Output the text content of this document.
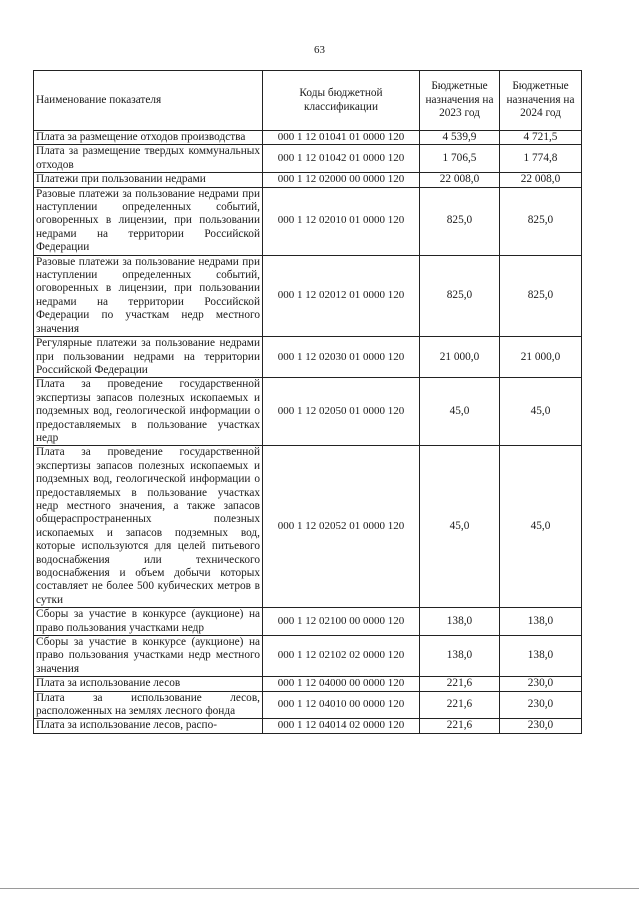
63
Наименование показателя	Коды бюджетной классификации	Бюджетные назначения на 2023 год	Бюджетные назначения на 2024 год
Плата за размещение отходов производства	000 1 12 01041 01 0000 120	4 539,9	4 721,5
Плата за размещение твердых коммунальных отходов	000 1 12 01042 01 0000 120	1 706,5	1 774,8
Платежи при пользовании недрами	000 1 12 02000 00 0000 120	22 008,0	22 008,0
Разовые платежи за пользование недрами при наступлении определенных событий, оговоренных в лицензии, при пользовании недрами на территории Российской Федерации	000 1 12 02010 01 0000 120	825,0	825,0
Разовые платежи за пользование недрами при наступлении определенных событий, оговоренных в лицензии, при пользовании недрами на территории Российской Федерации по участкам недр местного значения	000 1 12 02012 01 0000 120	825,0	825,0
Регулярные платежи за пользование недрами при пользовании недрами на территории Российской Федерации	000 1 12 02030 01 0000 120	21 000,0	21 000,0
Плата за проведение государственной экспертизы запасов полезных ископаемых и подземных вод, геологической информации о предоставляемых в пользование участках недр	000 1 12 02050 01 0000 120	45,0	45,0
Плата за проведение государственной экспертизы запасов полезных ископаемых и подземных вод, геологической информации о предоставляемых в пользование участках недр местного значения, а также запасов общераспространенных полезных ископаемых и запасов подземных вод, которые используются для целей питьевого водоснабжения или технического водоснабжения и объем добычи которых составляет не более 500 кубических метров в сутки	000 1 12 02052 01 0000 120	45,0	45,0
Сборы за участие в конкурсе (аукционе) на право пользования участками недр	000 1 12 02100 00 0000 120	138,0	138,0
Сборы за участие в конкурсе (аукционе) на право пользования участками недр местного значения	000 1 12 02102 02 0000 120	138,0	138,0
Плата за использование лесов	000 1 12 04000 00 0000 120	221,6	230,0
Плата за использование лесов, расположенных на землях лесного фонда	000 1 12 04010 00 0000 120	221,6	230,0
Плата за использование лесов, распо-	000 1 12 04014 02 0000 120	221,6	230,0
